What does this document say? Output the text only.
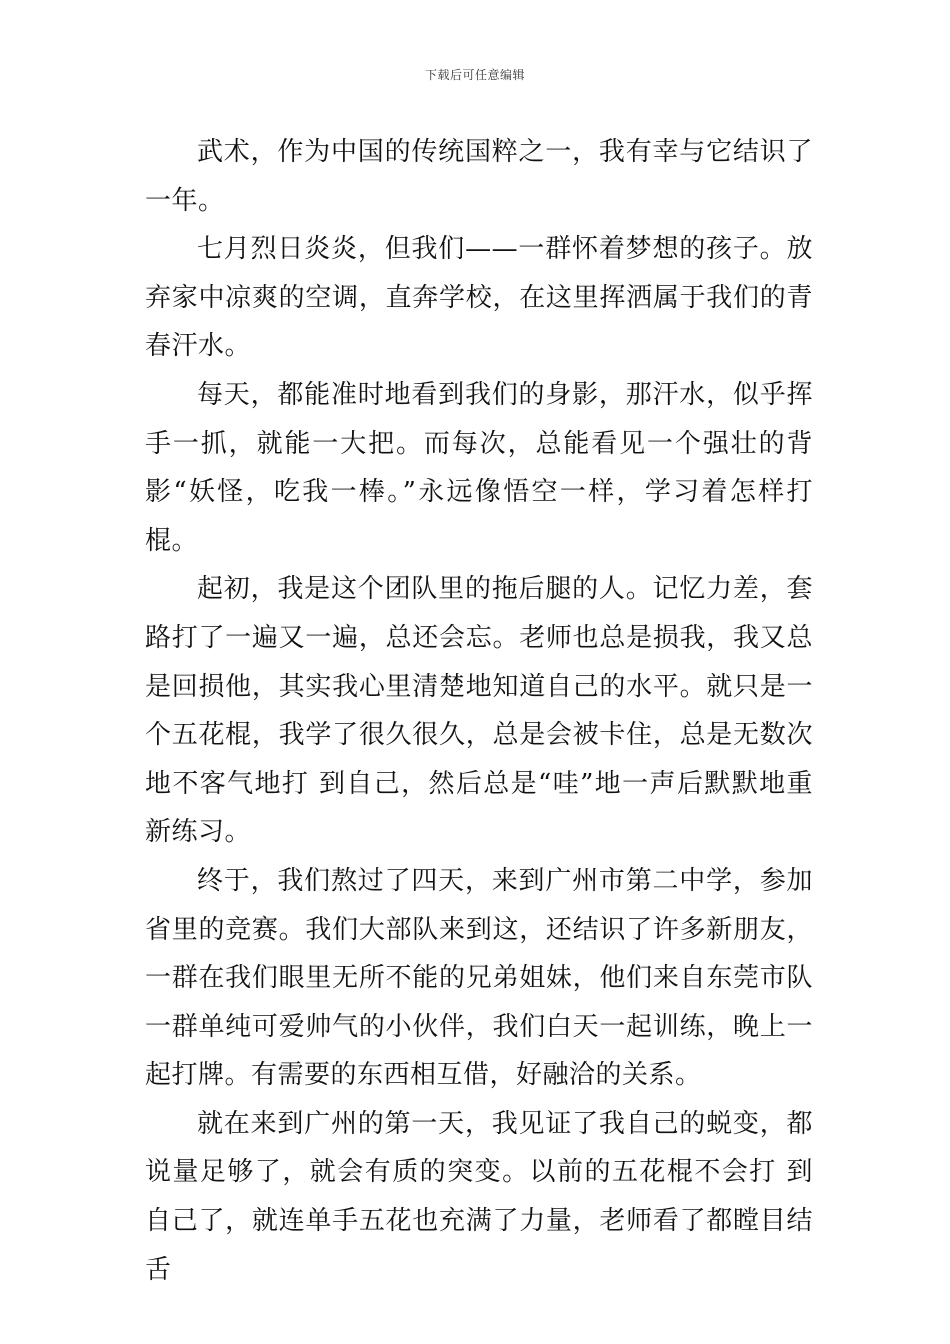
下载后可任意编辑

武术，作为中国的传统国粹之一，我有幸与它结识了一年。

七月烈日炎炎，但我们——一群怀着梦想的孩子。放弃家中凉爽的空调，直奔学校，在这里挥洒属于我们的青春汗水。

每天，都能准时地看到我们的身影，那汗水，似乎挥手一抓，就能一大把。而每次，总能看见一个强壮的背影“妖怪，吃我一棒。”永远像悟空一样，学习着怎样打棍。

起初，我是这个团队里的拖后腿的人。记忆力差，套路打了一遍又一遍，总还会忘。老师也总是损我，我又总是回损他，其实我心里清楚地知道自己的水平。就只是一个五花棍，我学了很久很久，总是会被卡住，总是无数次地不客气地打 到自己，然后总是“哇”地一声后默默地重新练习。

终于，我们熬过了四天，来到广州市第二中学，参加省里的竞赛。我们大部队来到这，还结识了许多新朋友，一群在我们眼里无所不能的兄弟姐妹，他们来自东莞市队一群单纯可爱帅气的小伙伴，我们白天一起训练，晚上一起打牌。有需要的东西相互借，好融洽的关系。

就在来到广州的第一天，我见证了我自己的蜕变，都说量足够了，就会有质的突变。以前的五花棍不会打 到自己了，就连单手五花也充满了力量，老师看了都瞠目结舌
